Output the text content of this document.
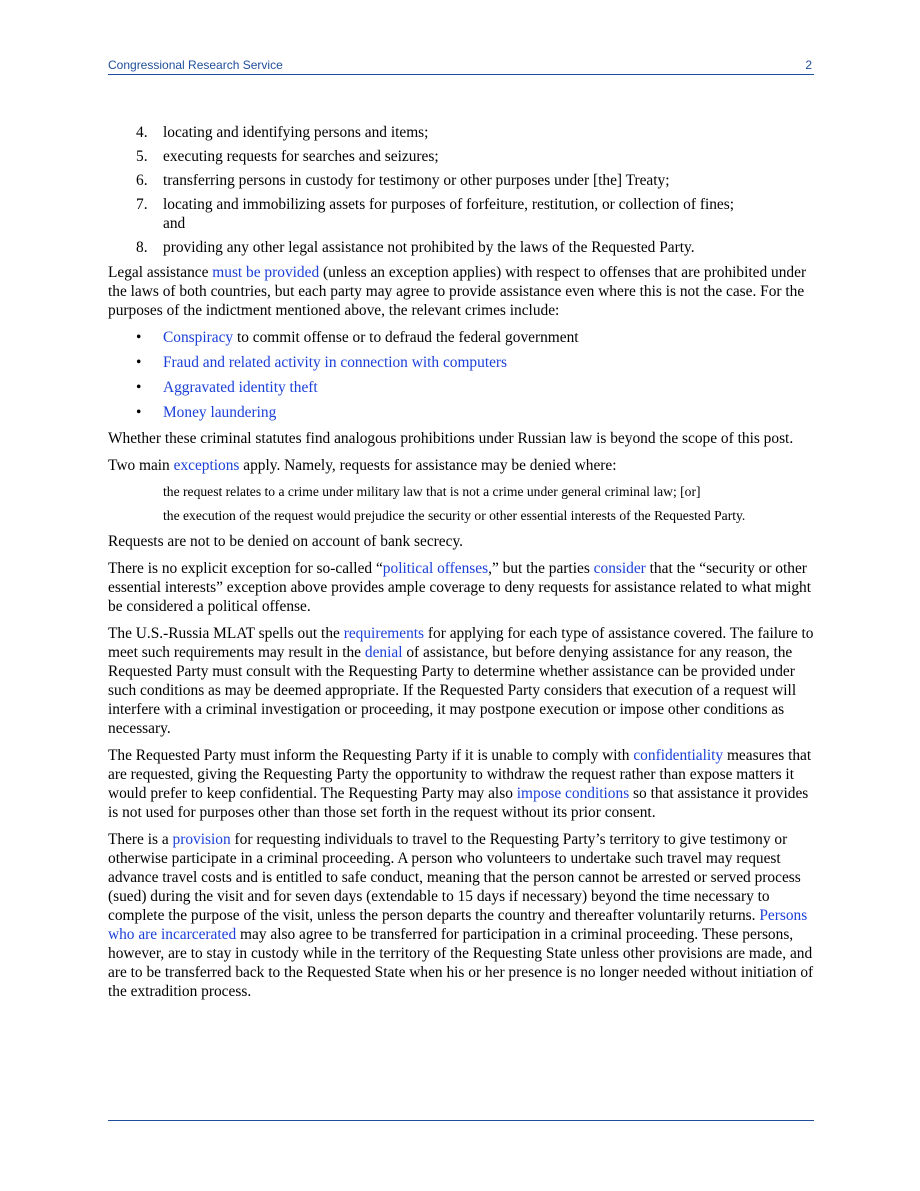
Congressional Research Service	2
4. locating and identifying persons and items;
5. executing requests for searches and seizures;
6. transferring persons in custody for testimony or other purposes under [the] Treaty;
7. locating and immobilizing assets for purposes of forfeiture, restitution, or collection of fines; and
8. providing any other legal assistance not prohibited by the laws of the Requested Party.

Legal assistance must be provided (unless an exception applies) with respect to offenses that are prohibited under the laws of both countries, but each party may agree to provide assistance even where this is not the case. For the purposes of the indictment mentioned above, the relevant crimes include:

• Conspiracy to commit offense or to defraud the federal government
• Fraud and related activity in connection with computers
• Aggravated identity theft
• Money laundering

Whether these criminal statutes find analogous prohibitions under Russian law is beyond the scope of this post.

Two main exceptions apply. Namely, requests for assistance may be denied where:

the request relates to a crime under military law that is not a crime under general criminal law; [or]

the execution of the request would prejudice the security or other essential interests of the Requested Party.

Requests are not to be denied on account of bank secrecy.

There is no explicit exception for so-called “political offenses,” but the parties consider that the “security or other essential interests” exception above provides ample coverage to deny requests for assistance related to what might be considered a political offense.

The U.S.-Russia MLAT spells out the requirements for applying for each type of assistance covered. The failure to meet such requirements may result in the denial of assistance, but before denying assistance for any reason, the Requested Party must consult with the Requesting Party to determine whether assistance can be provided under such conditions as may be deemed appropriate. If the Requested Party considers that execution of a request will interfere with a criminal investigation or proceeding, it may postpone execution or impose other conditions as necessary.

The Requested Party must inform the Requesting Party if it is unable to comply with confidentiality measures that are requested, giving the Requesting Party the opportunity to withdraw the request rather than expose matters it would prefer to keep confidential. The Requesting Party may also impose conditions so that assistance it provides is not used for purposes other than those set forth in the request without its prior consent.

There is a provision for requesting individuals to travel to the Requesting Party’s territory to give testimony or otherwise participate in a criminal proceeding. A person who volunteers to undertake such travel may request advance travel costs and is entitled to safe conduct, meaning that the person cannot be arrested or served process (sued) during the visit and for seven days (extendable to 15 days if necessary) beyond the time necessary to complete the purpose of the visit, unless the person departs the country and thereafter voluntarily returns. Persons who are incarcerated may also agree to be transferred for participation in a criminal proceeding. These persons, however, are to stay in custody while in the territory of the Requesting State unless other provisions are made, and are to be transferred back to the Requested State when his or her presence is no longer needed without initiation of the extradition process.
